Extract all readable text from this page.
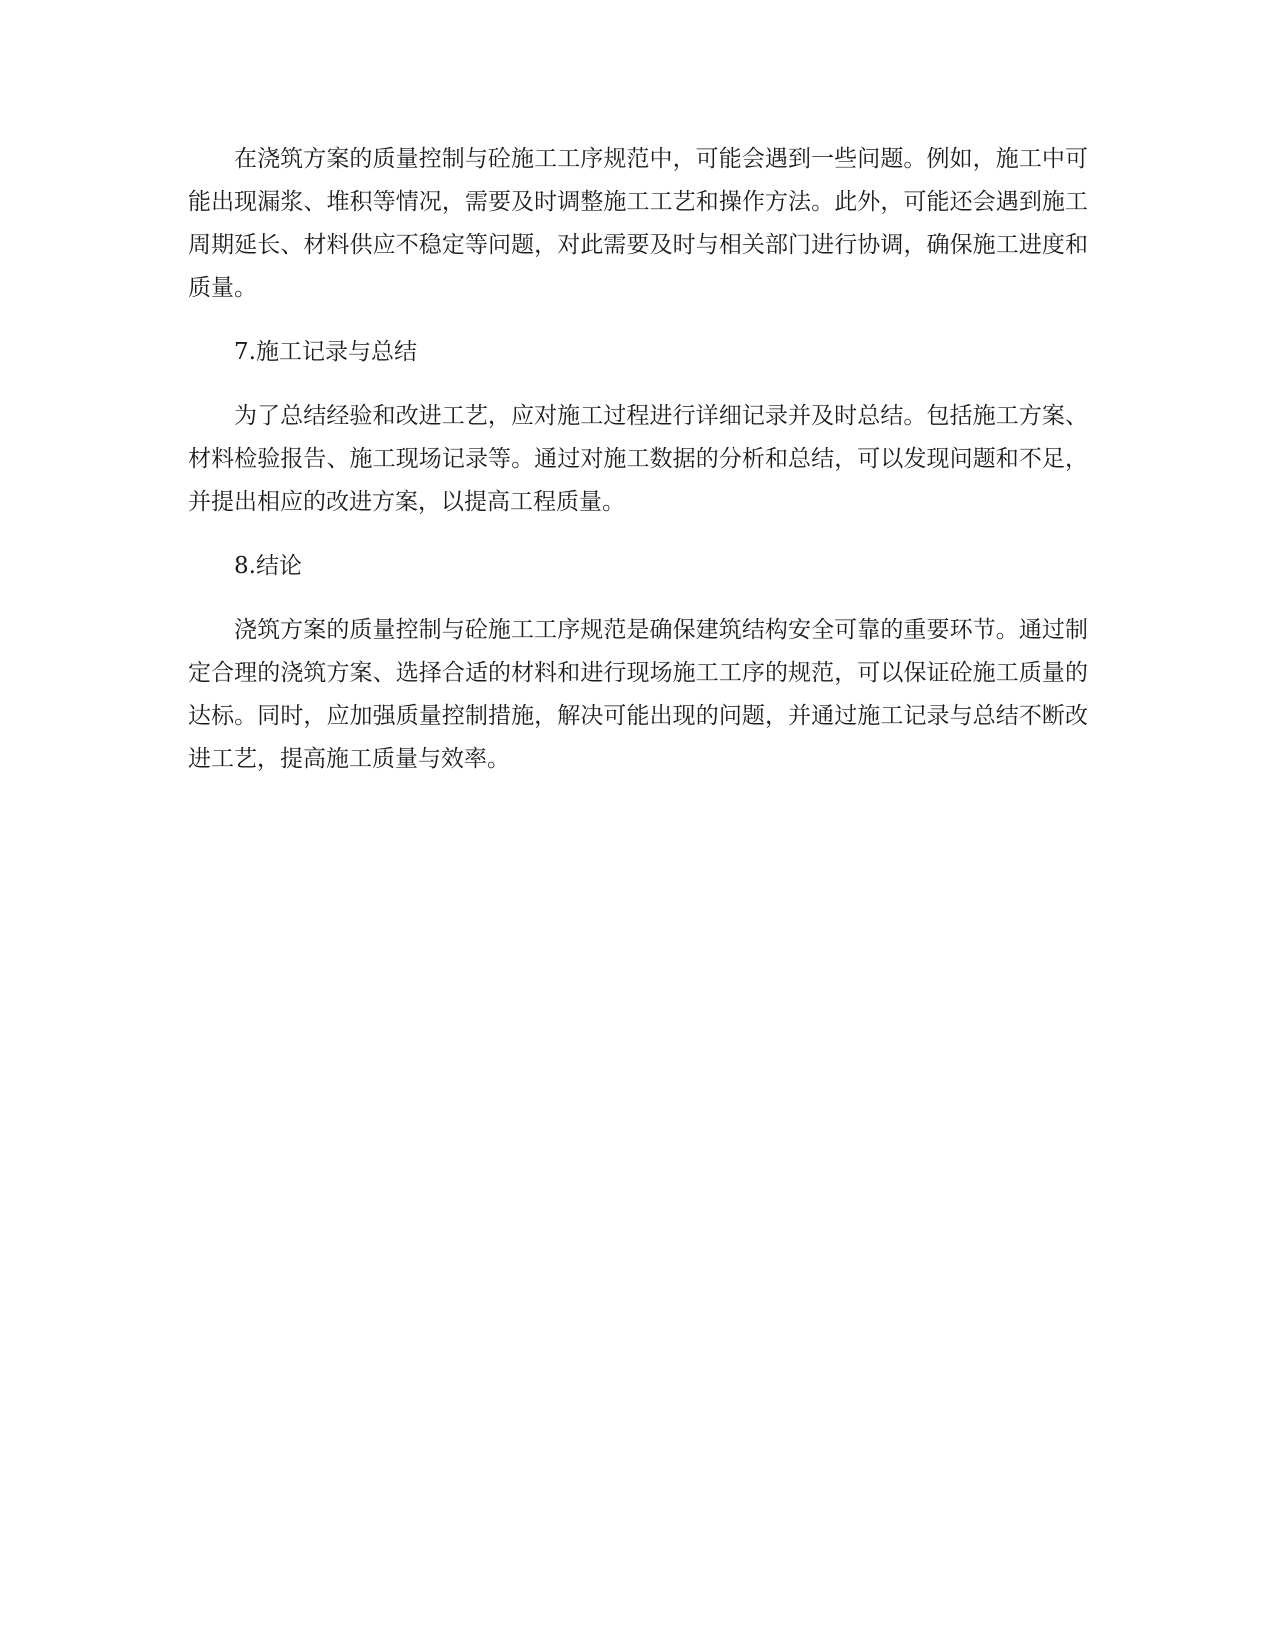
在浇筑方案的质量控制与砼施工工序规范中，可能会遇到一些问题。例如，施工中可能出现漏浆、堆积等情况，需要及时调整施工工艺和操作方法。此外，可能还会遇到施工周期延长、材料供应不稳定等问题，对此需要及时与相关部门进行协调，确保施工进度和质量。

7.施工记录与总结

为了总结经验和改进工艺，应对施工过程进行详细记录并及时总结。包括施工方案、材料检验报告、施工现场记录等。通过对施工数据的分析和总结，可以发现问题和不足，并提出相应的改进方案，以提高工程质量。

8.结论

浇筑方案的质量控制与砼施工工序规范是确保建筑结构安全可靠的重要环节。通过制定合理的浇筑方案、选择合适的材料和进行现场施工工序的规范，可以保证砼施工质量的达标。同时，应加强质量控制措施，解决可能出现的问题，并通过施工记录与总结不断改进工艺，提高施工质量与效率。
